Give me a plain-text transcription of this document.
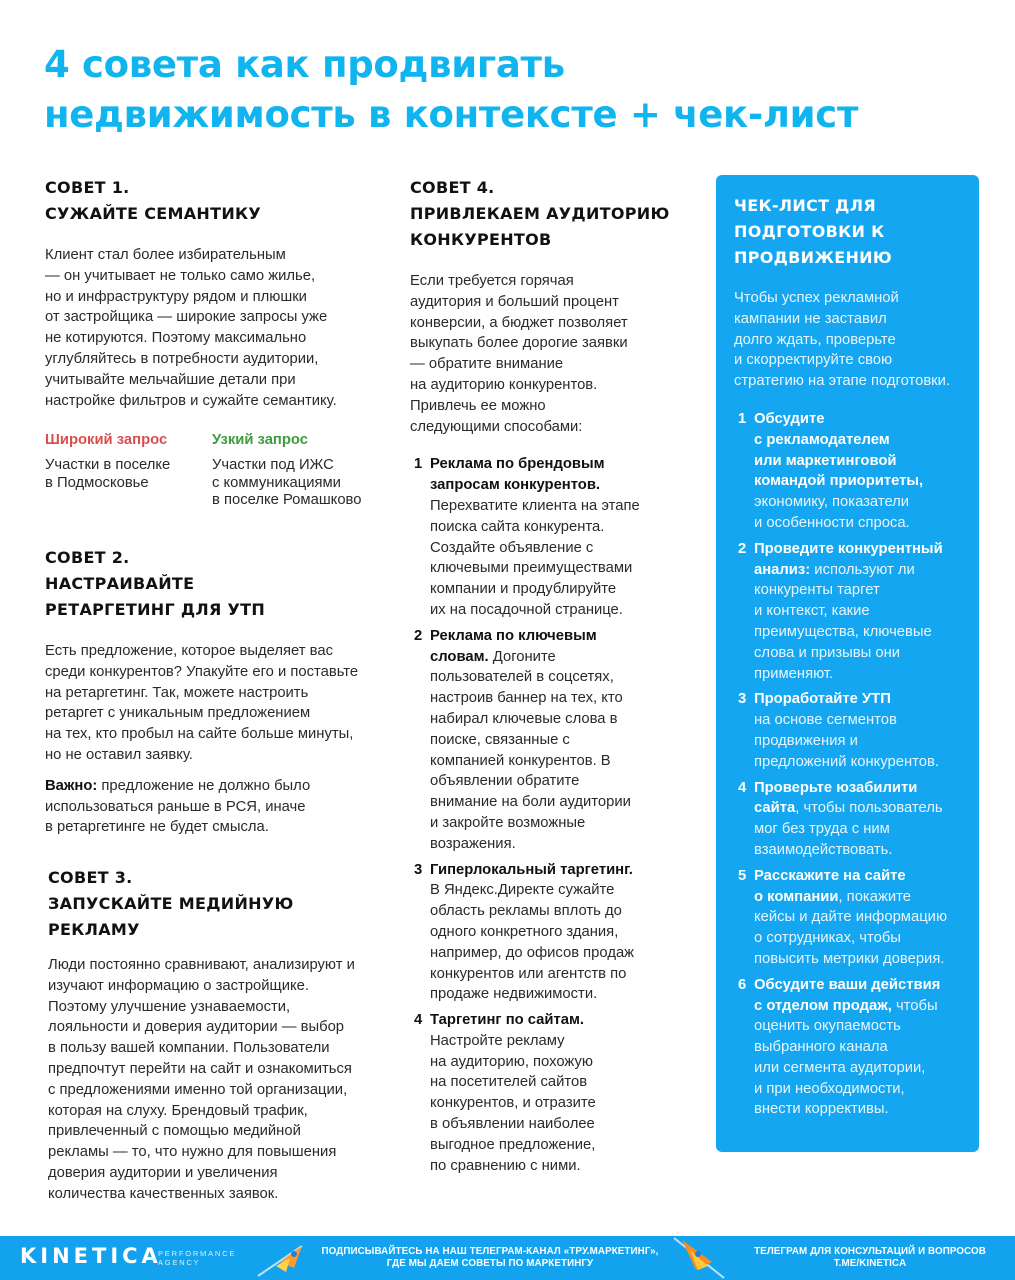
4 совета как продвигать
недвижимость в контексте + чек-лист
СОВЕТ 1.
СУЖАЙТЕ СЕМАНТИКУ
Клиент стал более избирательным
— он учитывает не только само жилье,
но и инфраструктуру рядом и плюшки
от застройщика — широкие запросы уже
не котируются. Поэтому максимально
углубляйтесь в потребности аудитории,
учитывайте мельчайшие детали при
настройке фильтров и сужайте семантику.
Широкий запрос	Узкий запрос
Участки в поселке
в Подмосковье
Участки под ИЖС
с коммуникациями
в поселке Ромашково
СОВЕТ 2.
НАСТРАИВАЙТЕ
РЕТАРГЕТИНГ ДЛЯ УТП
Есть предложение, которое выделяет вас
среди конкурентов? Упакуйте его и поставьте
на ретаргетинг. Так, можете настроить
ретаргет с уникальным предложением
на тех, кто пробыл на сайте больше минуты,
но не оставил заявку.
Важно: предложение не должно было
использоваться раньше в РСЯ, иначе
в ретаргетинге не будет смысла.
СОВЕТ 3.
ЗАПУСКАЙТЕ МЕДИЙНУЮ
РЕКЛАМУ
Люди постоянно сравнивают, анализируют и
изучают информацию о застройщике.
Поэтому улучшение узнаваемости,
лояльности и доверия аудитории — выбор
в пользу вашей компании. Пользователи
предпочтут перейти на сайт и ознакомиться
с предложениями именно той организации,
которая на слуху. Брендовый трафик,
привлеченный с помощью медийной
рекламы — то, что нужно для повышения
доверия аудитории и увеличения
количества качественных заявок.
СОВЕТ 4.
ПРИВЛЕКАЕМ АУДИТОРИЮ
КОНКУРЕНТОВ
Если требуется горячая
аудитория и больший процент
конверсии, а бюджет позволяет
выкупать более дорогие заявки
— обратите внимание
на аудиторию конкурентов.
Привлечь ее можно
следующими способами:
1 Реклама по брендовым
запросам конкурентов.
Перехватите клиента на этапе
поиска сайта конкурента.
Создайте объявление с
ключевыми преимуществами
компании и продублируйте
их на посадочной странице.
2 Реклама по ключевым
словам. Догоните
пользователей в соцсетях,
настроив баннер на тех, кто
набирал ключевые слова в
поиске, связанные с
компанией конкурентов. В
объявлении обратите
внимание на боли аудитории
и закройте возможные
возражения.
3 Гиперлокальный таргетинг.
В Яндекс.Директе сужайте
область рекламы вплоть до
одного конкретного здания,
например, до офисов продаж
конкурентов или агентств по
продаже недвижимости.
4 Таргетинг по сайтам.
Настройте рекламу
на аудиторию, похожую
на посетителей сайтов
конкурентов, и отразите
в объявлении наиболее
выгодное предложение,
по сравнению с ними.
ЧЕК-ЛИСТ ДЛЯ
ПОДГОТОВКИ К
ПРОДВИЖЕНИЮ
Чтобы успех рекламной
кампании не заставил
долго ждать, проверьте
и скорректируйте свою
стратегию на этапе подготовки.
1 Обсудите
с рекламодателем
или маркетинговой
командой приоритеты,
экономику, показатели
и особенности спроса.
2 Проведите конкурентный
анализ: используют ли
конкуренты таргет
и контекст, какие
преимущества, ключевые
слова и призывы они
применяют.
3 Проработайте УТП
на основе сегментов
продвижения и
предложений конкурентов.
4 Проверьте юзабилити
сайта, чтобы пользователь
мог без труда с ним
взаимодействовать.
5 Расскажите на сайте
о компании, покажите
кейсы и дайте информацию
о сотрудниках, чтобы
повысить метрики доверия.
6 Обсудите ваши действия
с отделом продаж, чтобы
оценить окупаемость
выбранного канала
или сегмента аудитории,
и при необходимости,
внести коррективы.
KINETICA
PERFORMANCE
AGENCY
ПОДПИСЫВАЙТЕСЬ НА НАШ ТЕЛЕГРАМ-КАНАЛ «ТРУ.МАРКЕТИНГ»,
ГДЕ МЫ ДАЕМ СОВЕТЫ ПО МАРКЕТИНГУ
ТЕЛЕГРАМ ДЛЯ КОНСУЛЬТАЦИЙ И ВОПРОСОВ
T.ME/KINETICA
